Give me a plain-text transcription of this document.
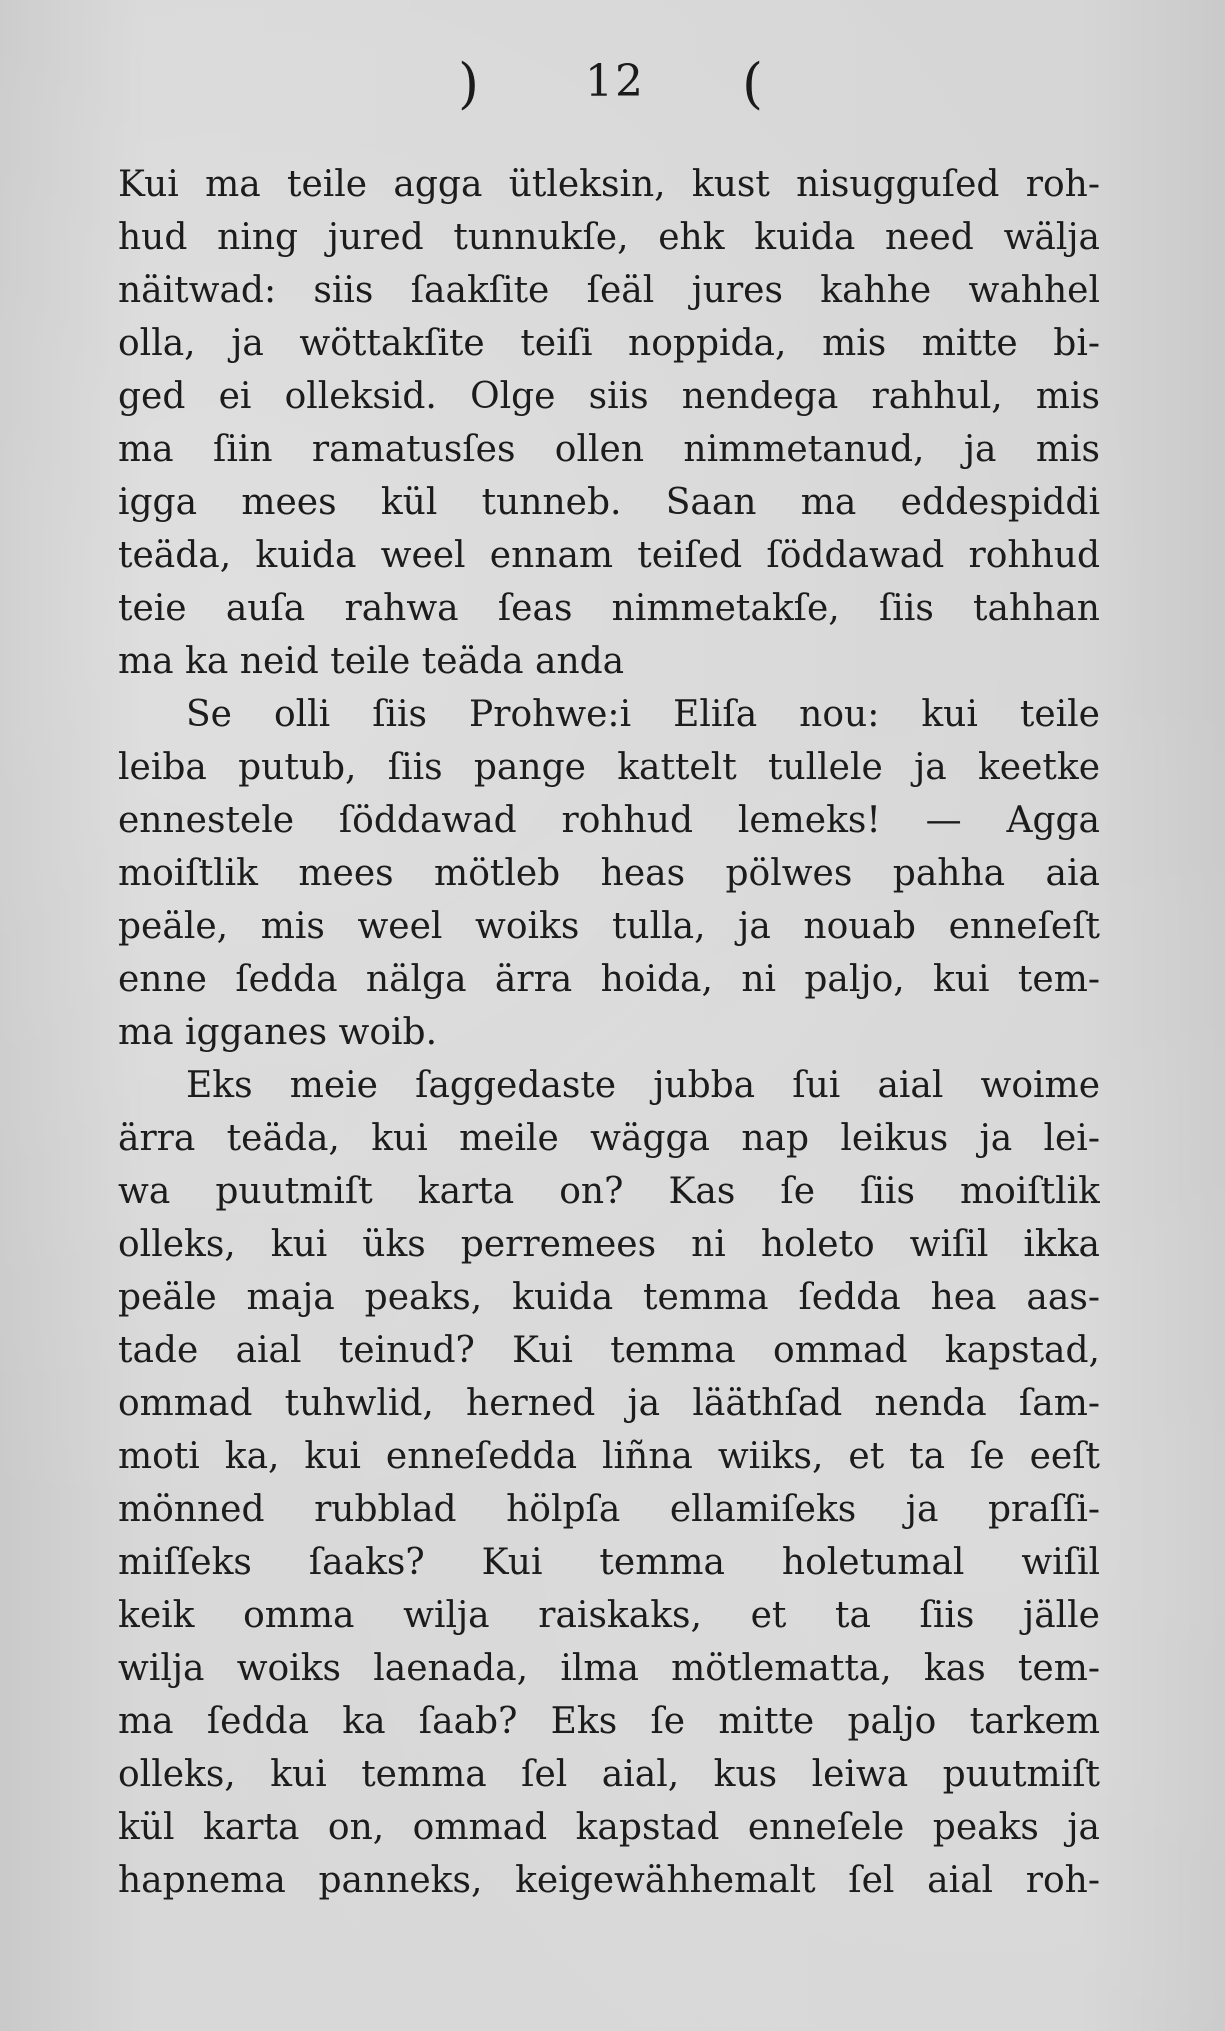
) 12 (
Kui ma teile agga ütleksin, kust nisugguſed roh-
hud ning jured tunnukſe, ehk kuida need wälja
näitwad: siis ſaakſite ſeäl jures kahhe wahhel
olla, ja wöttakſite teiſi noppida, mis mitte bi-
ged ei olleksid. Olge siis nendega rahhul, mis
ma ſiin ramatusſes ollen nimmetanud, ja mis
igga mees kül tunneb. Saan ma eddespiddi
teäda, kuida weel ennam teiſed ſöddawad rohhud
teie auſa rahwa ſeas nimmetakſe, ſiis tahhan
ma ka neid teile teäda anda
Se olli ſiis Prohwe:i Eliſa nou: kui teile
leiba putub, ſiis pange kattelt tullele ja keetke
ennestele ſöddawad rohhud lemeks! — Agga
moiſtlik mees mötleb heas pölwes pahha aia
peäle, mis weel woiks tulla, ja nouab enneſeſt
enne ſedda nälga ärra hoida, ni paljo, kui tem-
ma igganes woib.
Eks meie ſaggedaste jubba ſui aial woime
ärra teäda, kui meile wägga nap leikus ja lei-
wa puutmiſt karta on? Kas ſe ſiis moiſtlik
olleks, kui üks perremees ni holeto wiſil ikka
peäle maja peaks, kuida temma ſedda hea aas-
tade aial teinud? Kui temma ommad kapstad,
ommad tuhwlid, herned ja lääthſad nenda ſam-
moti ka, kui enneſedda liñna wiiks, et ta ſe eeſt
mönned rubblad hölpſa ellamiſeks ja praſſi-
miſſeks ſaaks? Kui temma holetumal wiſil
keik omma wilja raiskaks, et ta ſiis jälle
wilja woiks laenada, ilma mötlematta, kas tem-
ma ſedda ka ſaab? Eks ſe mitte paljo tarkem
olleks, kui temma ſel aial, kus leiwa puutmiſt
kül karta on, ommad kapstad enneſele peaks ja
hapnema panneks, keigewähhemalt ſel aial roh-
